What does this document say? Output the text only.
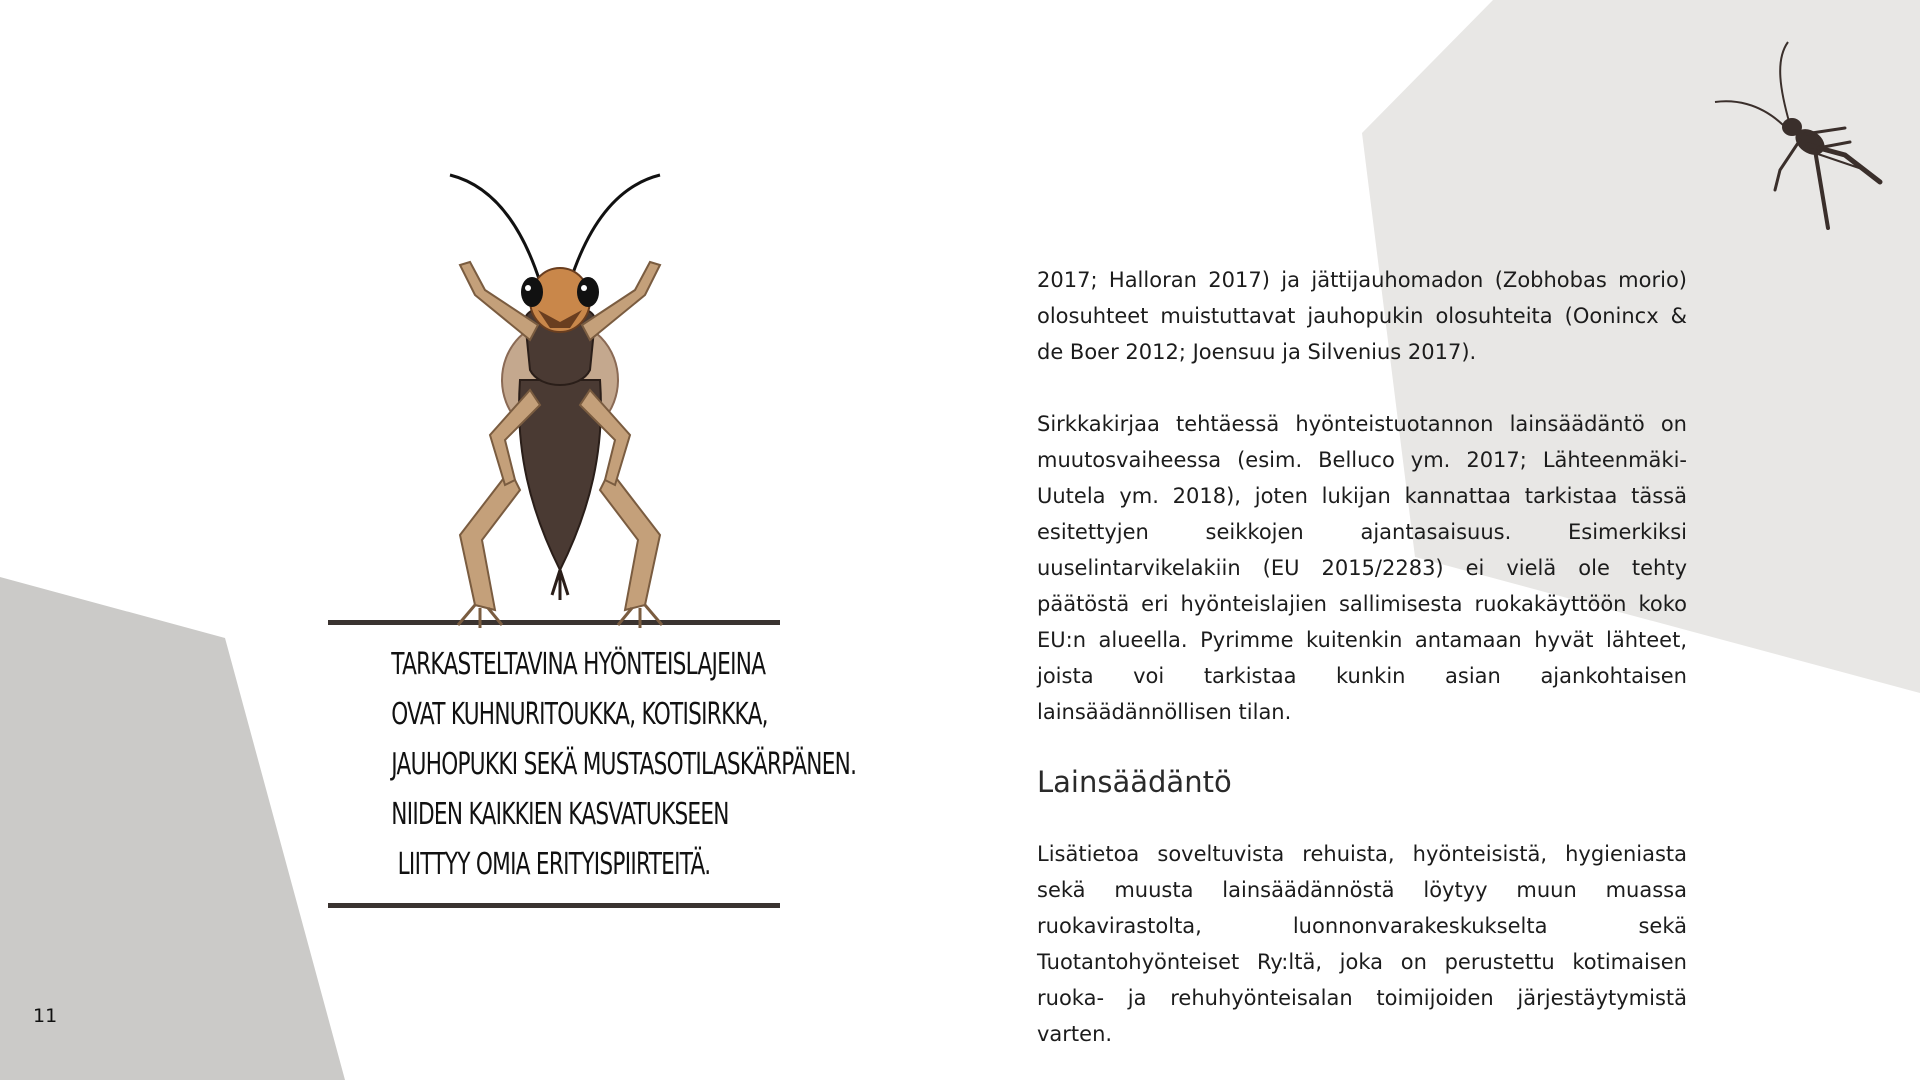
TARKASTELTAVINA HYÖNTEISLAJEINA
OVAT KUHNURITOUKKA, KOTISIRKKA,
JAUHOPUKKI SEKÄ MUSTASOTILASKÄRPÄNEN.
NIIDEN KAIKKIEN KASVATUKSEEN
LIITTYY OMIA ERITYISPIIRTEITÄ.

2017; Halloran 2017) ja jättijauhomadon (Zobhobas morio) olosuhteet muistuttavat jauhopukin olosuhteita (Oonincx & de Boer 2012; Joensuu ja Silvenius 2017).

Sirkkakirjaa tehtäessä hyönteistuotannon lainsäädäntö on muutosvaiheessa (esim. Belluco ym. 2017; Lähteenmäki-Uutela ym. 2018), joten lukijan kannattaa tarkistaa tässä esitettyjen seikkojen ajantasaisuus. Esimerkiksi uuselintarvikelakiin (EU 2015/2283) ei vielä ole tehty päätöstä eri hyönteislajien sallimisesta ruokakäyttöön koko EU:n alueella. Pyrimme kuitenkin antamaan hyvät lähteet, joista voi tarkistaa kunkin asian ajankohtaisen lainsäädännöllisen tilan.

Lainsäädäntö

Lisätietoa soveltuvista rehuista, hyönteisistä, hygieniasta sekä muusta lainsäädännöstä löytyy muun muassa ruokavirastolta, luonnonvarakeskukselta sekä Tuotantohyönteiset Ry:ltä, joka on perustettu kotimaisen ruoka- ja rehuhyönteisalan toimijoiden järjestäytymistä varten.

11
